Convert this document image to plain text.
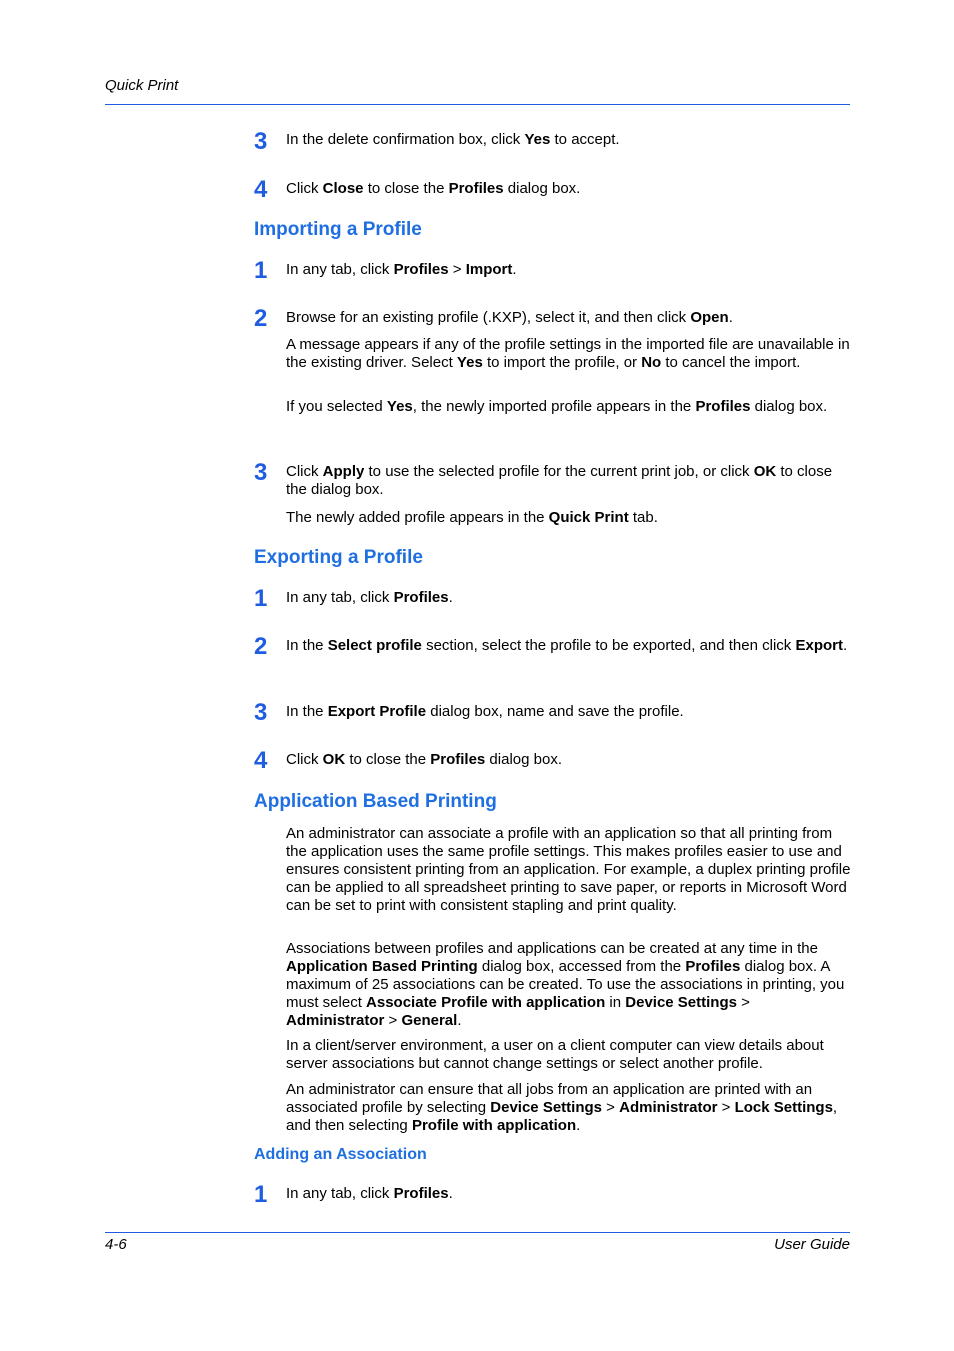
Quick Print
3 In the delete confirmation box, click Yes to accept.
4 Click Close to close the Profiles dialog box.
Importing a Profile
1 In any tab, click Profiles > Import.
2 Browse for an existing profile (.KXP), select it, and then click Open.
A message appears if any of the profile settings in the imported file are unavailable in the existing driver. Select Yes to import the profile, or No to cancel the import.
If you selected Yes, the newly imported profile appears in the Profiles dialog box.
3 Click Apply to use the selected profile for the current print job, or click OK to close the dialog box.
The newly added profile appears in the Quick Print tab.
Exporting a Profile
1 In any tab, click Profiles.
2 In the Select profile section, select the profile to be exported, and then click Export.
3 In the Export Profile dialog box, name and save the profile.
4 Click OK to close the Profiles dialog box.
Application Based Printing
An administrator can associate a profile with an application so that all printing from the application uses the same profile settings. This makes profiles easier to use and ensures consistent printing from an application. For example, a duplex printing profile can be applied to all spreadsheet printing to save paper, or reports in Microsoft Word can be set to print with consistent stapling and print quality.
Associations between profiles and applications can be created at any time in the Application Based Printing dialog box, accessed from the Profiles dialog box. A maximum of 25 associations can be created. To use the associations in printing, you must select Associate Profile with application in Device Settings > Administrator > General.
In a client/server environment, a user on a client computer can view details about server associations but cannot change settings or select another profile.
An administrator can ensure that all jobs from an application are printed with an associated profile by selecting Device Settings > Administrator > Lock Settings, and then selecting Profile with application.
Adding an Association
1 In any tab, click Profiles.
4-6	User Guide
